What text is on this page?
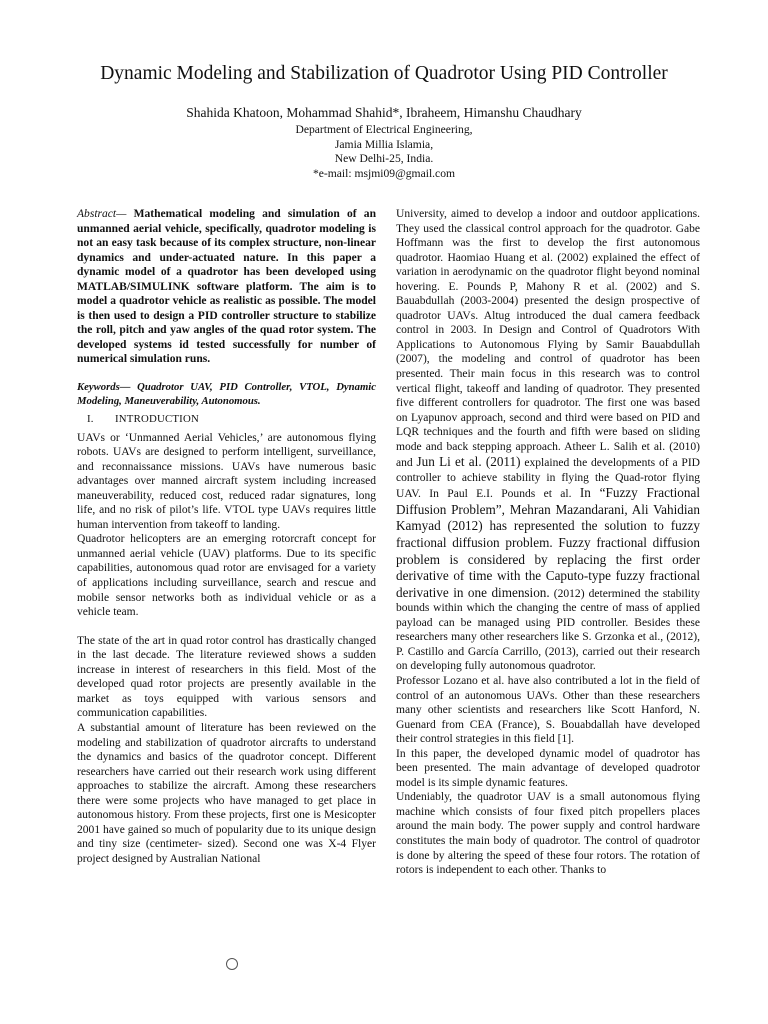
Dynamic Modeling and Stabilization of Quadrotor Using PID Controller
Shahida Khatoon, Mohammad Shahid*, Ibraheem, Himanshu Chaudhary
Department of Electrical Engineering,
Jamia Millia Islamia,
New Delhi-25, India.
*e-mail: msjmi09@gmail.com

Abstract— Mathematical modeling and simulation of an unmanned aerial vehicle, specifically, quadrotor modeling is not an easy task because of its complex structure, non-linear dynamics and under-actuated nature. In this paper a dynamic model of a quadrotor has been developed using MATLAB/SIMULINK software platform. The aim is to model a quadrotor vehicle as realistic as possible. The model is then used to design a PID controller structure to stabilize the roll, pitch and yaw angles of the quad rotor system. The developed systems id tested successfully for number of numerical simulation runs.

Keywords— Quadrotor UAV, PID Controller, VTOL, Dynamic Modeling, Maneuverability, Autonomous.

I. INTRODUCTION

UAVs or ‘Unmanned Aerial Vehicles,’ are autonomous flying robots. UAVs are designed to perform intelligent, surveillance, and reconnaissance missions. UAVs have numerous basic advantages over manned aircraft system including increased maneuverability, reduced cost, reduced radar signatures, long life, and no risk of pilot’s life. VTOL type UAVs requires little human intervention from takeoff to landing.

Quadrotor helicopters are an emerging rotorcraft concept for unmanned aerial vehicle (UAV) platforms. Due to its specific capabilities, autonomous quad rotor are envisaged for a variety of applications including surveillance, search and rescue and mobile sensor networks both as individual vehicle or as a vehicle team.

The state of the art in quad rotor control has drastically changed in the last decade. The literature reviewed shows a sudden increase in interest of researchers in this field. Most of the developed quad rotor projects are presently available in the market as toys equipped with various sensors and communication capabilities.

A substantial amount of literature has been reviewed on the modeling and stabilization of quadrotor aircrafts to understand the dynamics and basics of the quadrotor concept. Different researchers have carried out their research work using different approaches to stabilize the aircraft. Among these researchers there were some projects who have managed to get place in autonomous history. From these projects, first one is Mesicopter 2001 have gained so much of popularity due to its unique design and tiny size (centimeter- sized). Second one was X-4 Flyer project designed by Australian National

University, aimed to develop a indoor and outdoor applications. They used the classical control approach for the quadrotor. Gabe Hoffmann was the first to develop the first autonomous quadrotor. Haomiao Huang et al. (2002) explained the effect of variation in aerodynamic on the quadrotor flight beyond nominal hovering. E. Pounds P, Mahony R et al. (2002) and S. Bauabdullah (2003-2004) presented the design prospective of quadrotor UAVs. Altug introduced the dual camera feedback control in 2003. In Design and Control of Quadrotors With Applications to Autonomous Flying by Samir Bauabdullah (2007), the modeling and control of quadrotor has been presented. Their main focus in this research was to control vertical flight, takeoff and landing of quadrotor. They presented five different controllers for quadrotor. The first one was based on Lyapunov approach, second and third were based on PID and LQR techniques and the fourth and fifth were based on sliding mode and back stepping approach. Atheer L. Salih et al. (2010) and Jun Li et al. (2011) explained the developments of a PID controller to achieve stability in flying the Quad-rotor flying UAV. In Paul E.I. Pounds et al. In “Fuzzy Fractional Diffusion Problem”, Mehran Mazandarani, Ali Vahidian Kamyad (2012) has represented the solution to fuzzy fractional diffusion problem. Fuzzy fractional diffusion problem is considered by replacing the first order derivative of time with the Caputo-type fuzzy fractional derivative in one dimension. (2012) determined the stability bounds within which the changing the centre of mass of applied payload can be managed using PID controller. Besides these researchers many other researchers like S. Grzonka et al., (2012), P. Castillo and García Carrillo, (2013), carried out their research on developing fully autonomous quadrotor.

Professor Lozano et al. have also contributed a lot in the field of control of an autonomous UAVs. Other than these researchers many other scientists and researchers like Scott Hanford, N. Guenard from CEA (France), S. Bouabdallah have developed their control strategies in this field [1].

In this paper, the developed dynamic model of quadrotor has been presented. The main advantage of developed quadrotor model is its simple dynamic features.

Undeniably, the quadrotor UAV is a small autonomous flying machine which consists of four fixed pitch propellers places around the main body. The power supply and control hardware constitutes the main body of quadrotor. The control of quadrotor is done by altering the speed of these four rotors. The rotation of rotors is independent to each other. Thanks to
